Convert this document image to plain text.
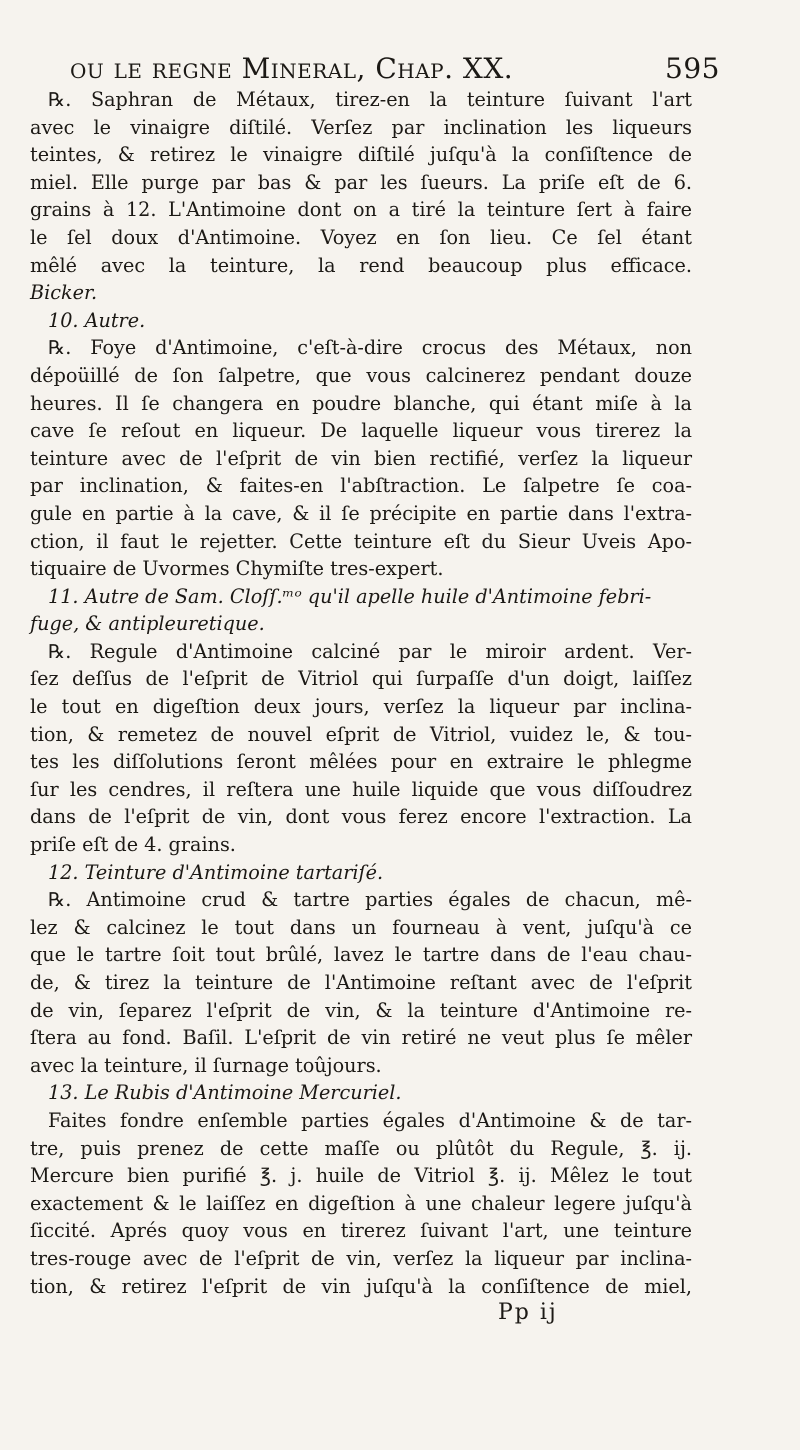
ou le regne Mineral, Chap. XX.	595
℞. Saphran de Métaux, tirez-en la teinture ſuivant l'art
avec le vinaigre diſtilé. Verſez par inclination les liqueurs
teintes, & retirez le vinaigre diſtilé juſqu'à la conſiſtence de
miel. Elle purge par bas & par les ſueurs. La priſe eſt de 6.
grains à 12. L'Antimoine dont on a tiré la teinture ſert à faire
le ſel doux d'Antimoine. Voyez en ſon lieu. Ce ſel étant
mêlé avec la teinture, la rend beaucoup plus efficace.
Bicker.
10. Autre.
℞. Foye d'Antimoine, c'eſt-à-dire crocus des Métaux, non
dépoüillé de ſon ſalpetre, que vous calcinerez pendant douze
heures. Il ſe changera en poudre blanche, qui étant miſe à la
cave ſe reſout en liqueur. De laquelle liqueur vous tirerez la
teinture avec de l'eſprit de vin bien rectifié, verſez la liqueur
par inclination, & faites-en l'abſtraction. Le ſalpetre ſe coa-
gule en partie à la cave, & il ſe précipite en partie dans l'extra-
ction, il faut le rejetter. Cette teinture eſt du Sieur Uveis Apo-
tiquaire de Uvormes Chymiſte tres-expert.
11. Autre de Sam. Cloſſ.ᵐᵒ qu'il apelle huile d'Antimoine febri-
fuge, & antipleuretique.
℞. Regule d'Antimoine calciné par le miroir ardent. Ver-
ſez deſſus de l'eſprit de Vitriol qui ſurpaſſe d'un doigt, laiſſez
le tout en digeſtion deux jours, verſez la liqueur par inclina-
tion, & remetez de nouvel eſprit de Vitriol, vuidez le, & tou-
tes les diſſolutions ſeront mêlées pour en extraire le phlegme
ſur les cendres, il reſtera une huile liquide que vous diſſoudrez
dans de l'eſprit de vin, dont vous ferez encore l'extraction. La
priſe eſt de 4. grains.
12. Teinture d'Antimoine tartariſé.
℞. Antimoine crud & tartre parties égales de chacun, mê-
lez & calcinez le tout dans un fourneau à vent, juſqu'à ce
que le tartre ſoit tout brûlé, lavez le tartre dans de l'eau chau-
de, & tirez la teinture de l'Antimoine reſtant avec de l'eſprit
de vin, ſeparez l'eſprit de vin, & la teinture d'Antimoine re-
ſtera au fond. Baſil. L'eſprit de vin retiré ne veut plus ſe mêler
avec la teinture, il ſurnage toûjours.
13. Le Rubis d'Antimoine Mercuriel.
Faites fondre enſemble parties égales d'Antimoine & de tar-
tre, puis prenez de cette maſſe ou plûtôt du Regule, ℥. ij.
Mercure bien purifié ℥. j. huile de Vitriol ℥. ij. Mêlez le tout
exactement & le laiſſez en digeſtion à une chaleur legere juſqu'à
ſiccité. Aprés quoy vous en tirerez ſuivant l'art, une teinture
tres-rouge avec de l'eſprit de vin, verſez la liqueur par inclina-
tion, & retirez l'eſprit de vin juſqu'à la conſiſtence de miel,
Pp ij
